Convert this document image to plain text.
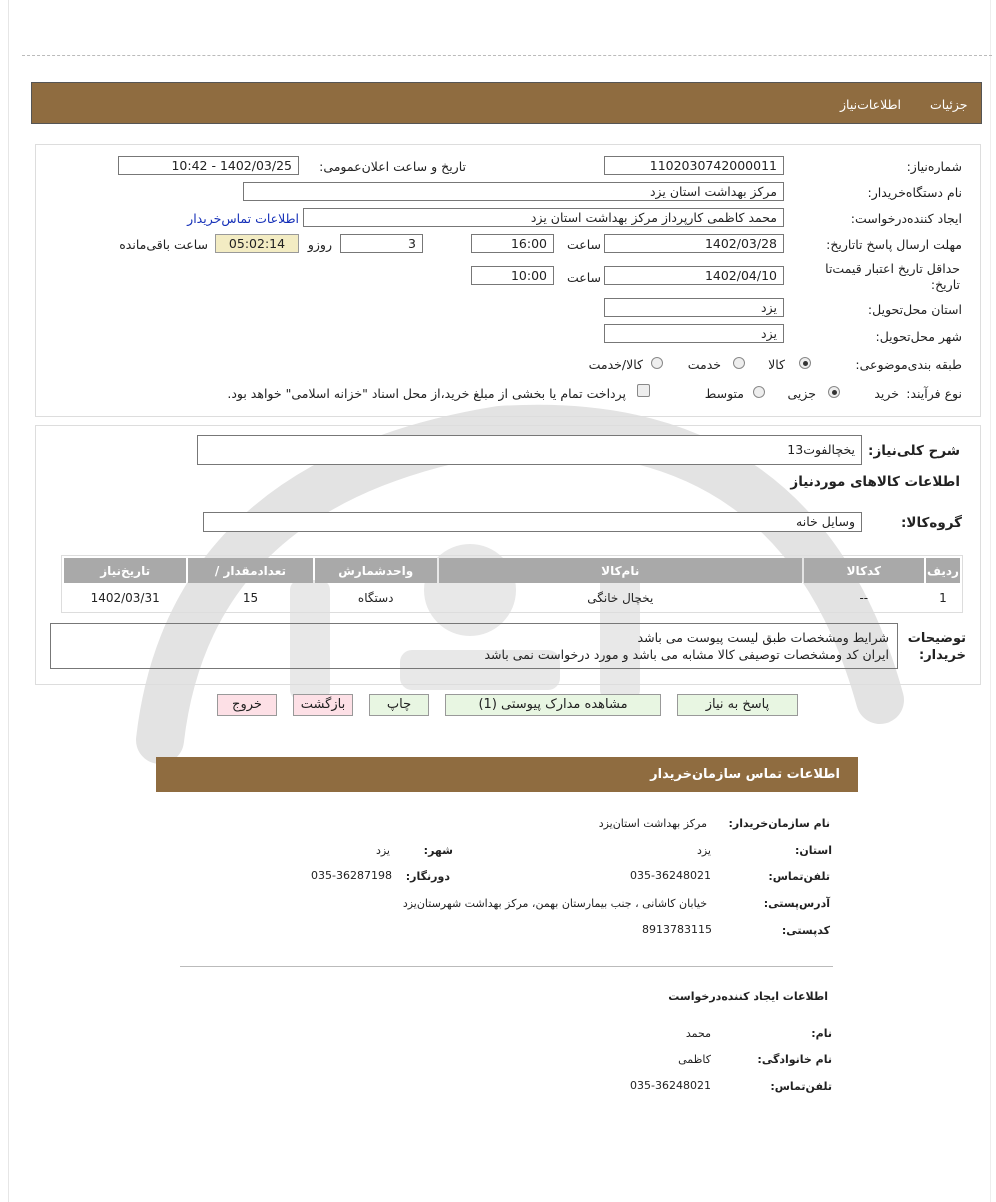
جزئیات
اطلاعات‌نیاز
شماره‌نیاز:
1102030742000011
تاریخ و ساعت اعلان‌عمومی:
1402/03/25 - 10:42
نام دستگاه‌خریدار:
مرکز بهداشت استان یزد
ایجاد کننده‌درخواست:
محمد کاظمی کارپرداز مرکز بهداشت استان یزد
اطلاعات تماس‌خریدار
مهلت ارسال پاسخ تا‌تاریخ:
1402/03/28
ساعت
16:00
3
روزو
05:02:14
ساعت باقی‌مانده
حداقل تاریخ اعتبار قیمت‌تا تاریخ:
1402/04/10
ساعت
10:00
استان محل‌تحویل:
یزد
شهر محل‌تحویل:
یزد
طبقه بندی‌موضوعی:
کالا
خدمت
کالا/خدمت
نوع فرآیند:
خرید
جزیی
متوسط
پرداخت تمام یا بخشی از مبلغ خرید،از محل اسناد "خزانه اسلامی" خواهد بود.
شرح کلی‌نیاز:
یخچالفوت13
اطلاعات کالاهای مورد‌نیاز
گروه‌کالا:
وسایل خانه
ردیف	کدکالا	نام‌کالا	واحدشمارش	تعداد‌مقدار /	تاریخ‌نیاز
1	--	یخچال خانگی	دستگاه	15	1402/03/31
توضیحات خریدار:
شرایط ومشخصات طبق لیست پیوست می باشد
ایران کد ومشخصات توصیفی کالا مشابه می باشد و مورد درخواست نمی باشد
پاسخ به نیاز
مشاهده مدارک پیوستی (1)
چاپ
بازگشت
خروج
اطلاعات تماس سازمان‌خریدار
نام سازمان‌خریدار:
مرکز بهداشت استان‌یزد
استان:
یزد
شهر:
یزد
تلفن‌تماس:
035-36248021
دورنگار:
035-36287198
آدرس‌پستی:
خیابان کاشانی ، جنب بیمارستان بهمن، مرکز بهداشت شهرستان‌یزد
کد‌پستی:
8913783115
اطلاعات ایجاد کننده‌درخواست
نام:
محمد
نام خانوادگی:
کاظمی
تلفن‌تماس:
035-36248021
